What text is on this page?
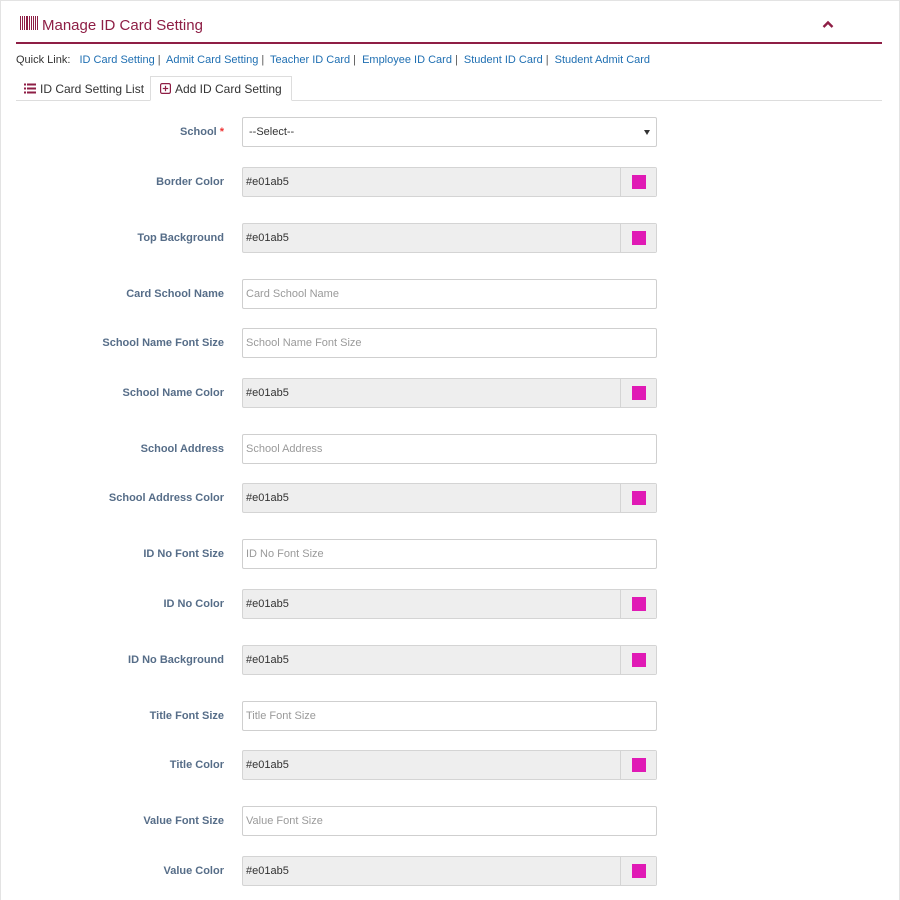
Manage ID Card Setting
Quick Link: ID Card Setting | Admit Card Setting | Teacher ID Card | Employee ID Card | Student ID Card | Student Admit Card
ID Card Setting List	Add ID Card Setting
School *	--Select--
Border Color	#e01ab5
Top Background	#e01ab5
Card School Name	Card School Name
School Name Font Size	School Name Font Size
School Name Color	#e01ab5
School Address	School Address
School Address Color	#e01ab5
ID No Font Size	ID No Font Size
ID No Color	#e01ab5
ID No Background	#e01ab5
Title Font Size	Title Font Size
Title Color	#e01ab5
Value Font Size	Value Font Size
Value Color	#e01ab5
